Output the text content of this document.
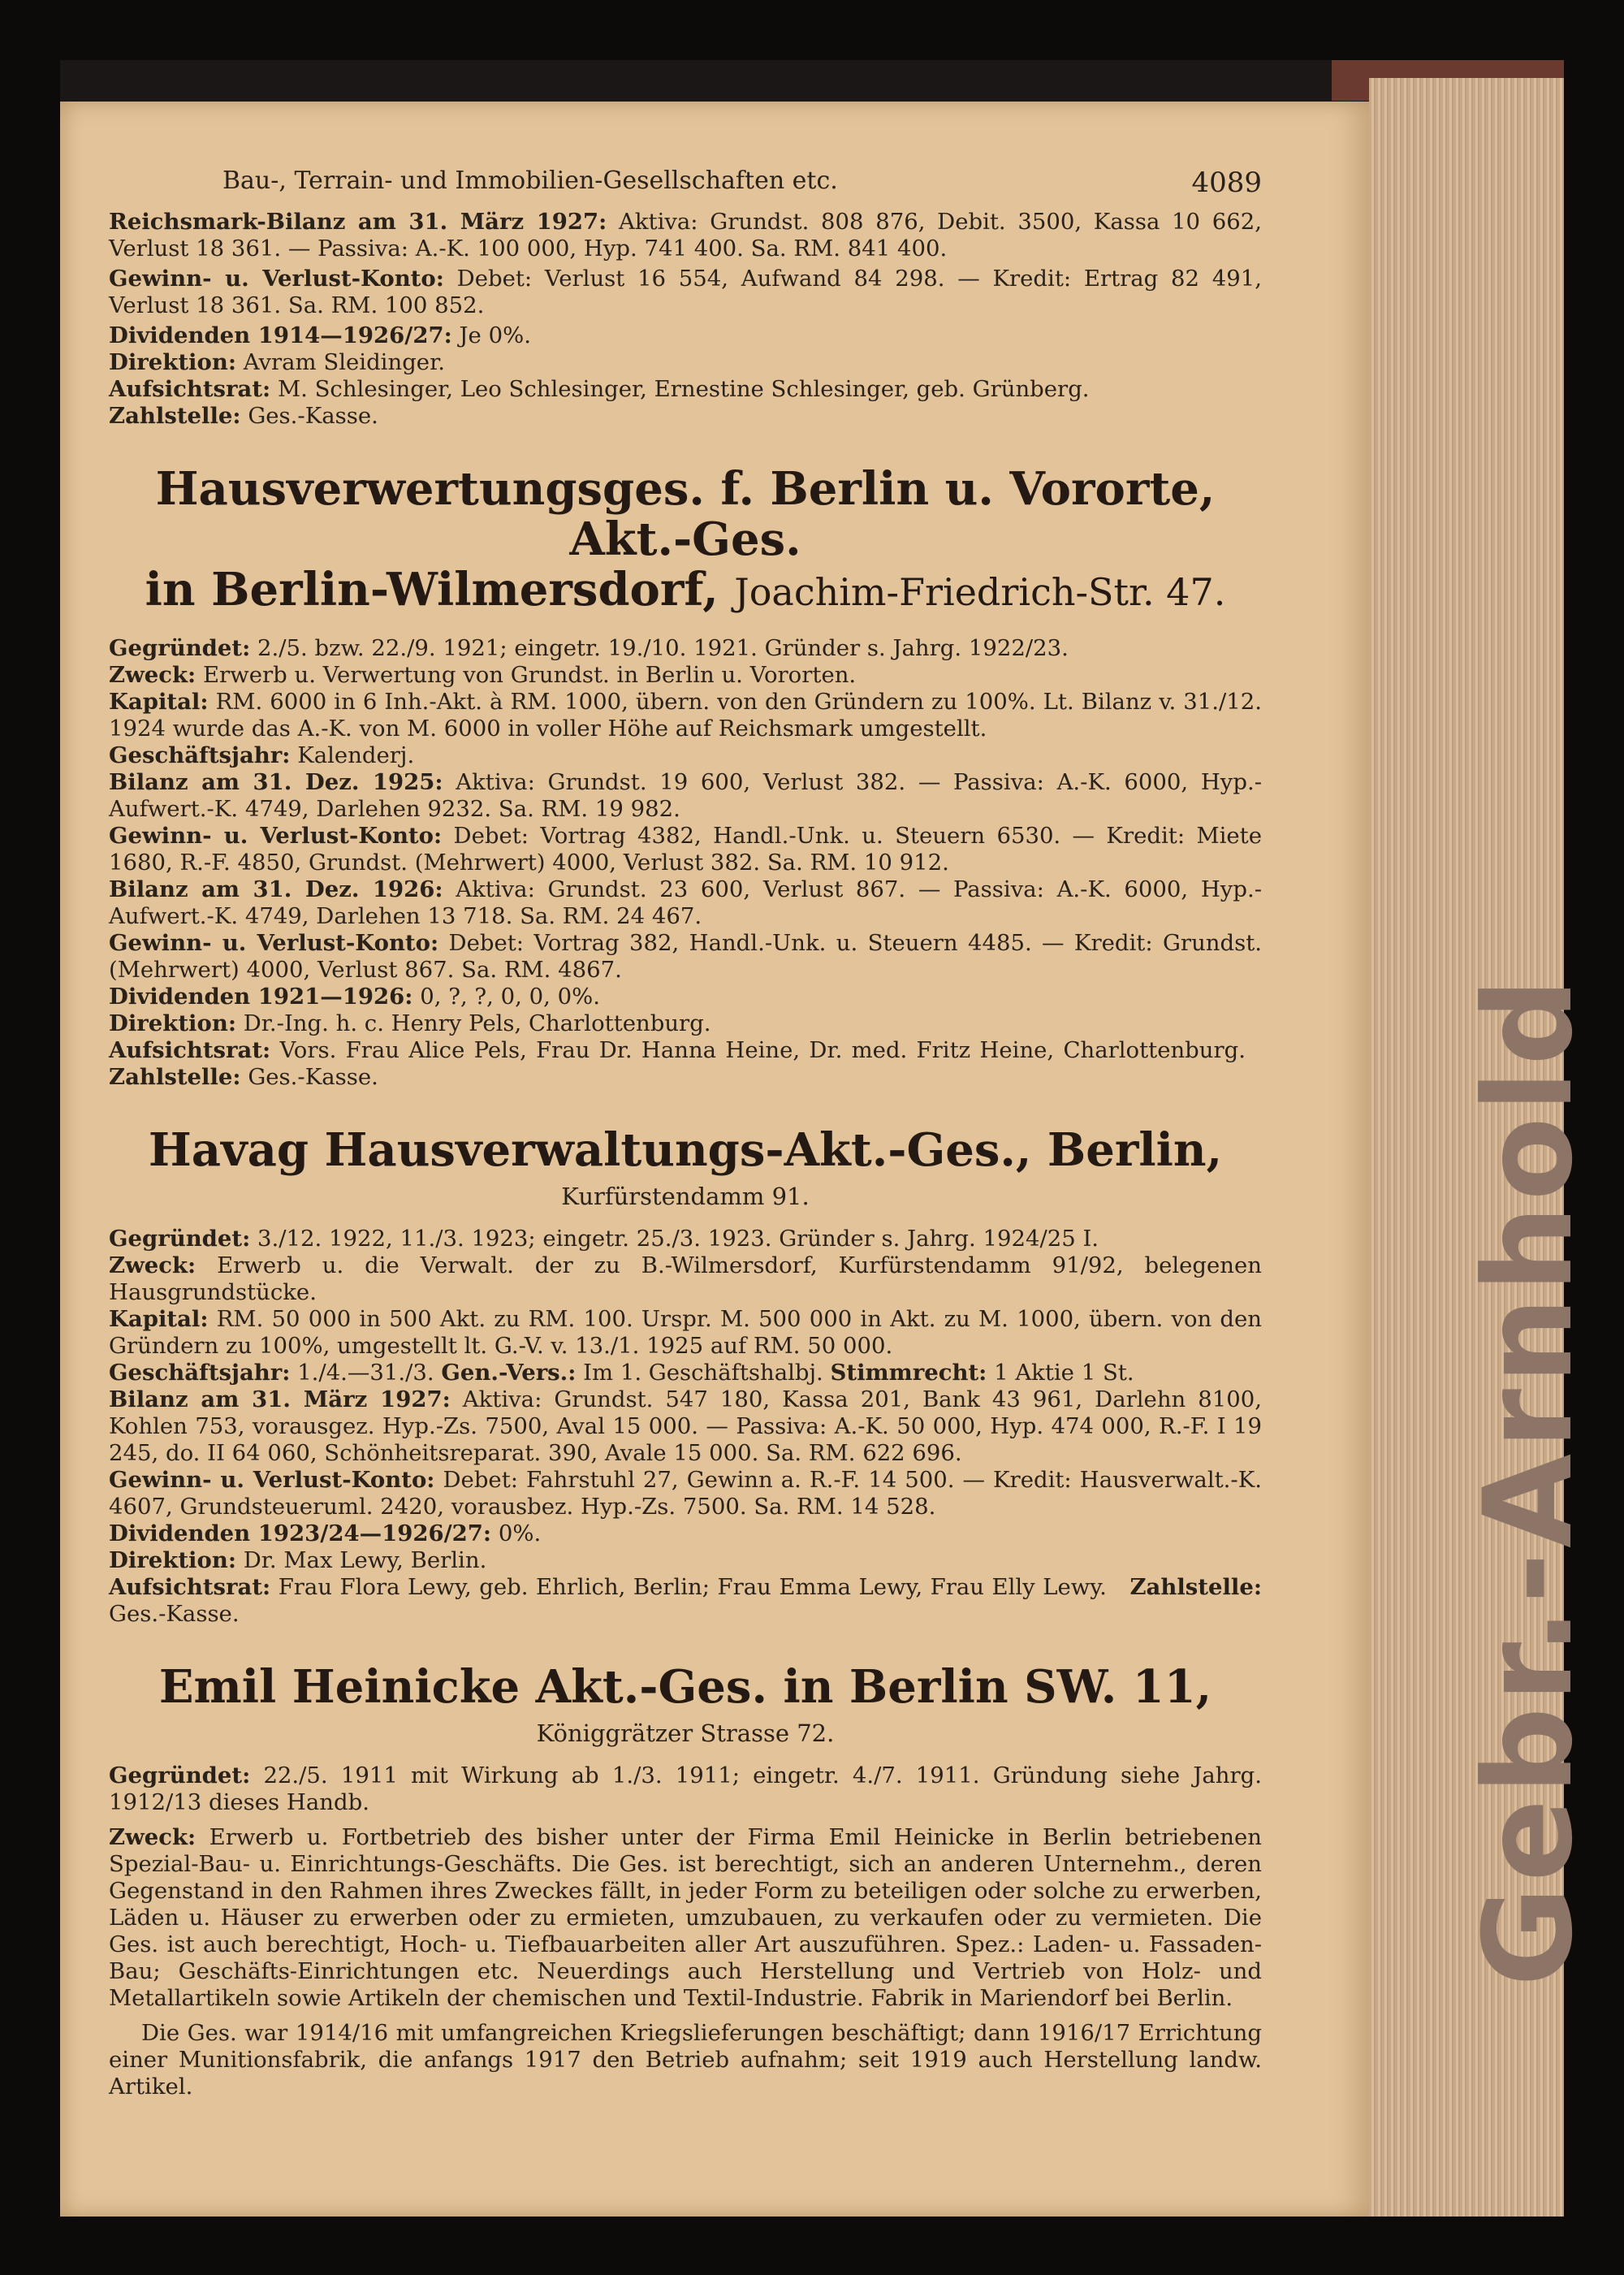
Gebr.-Arnhold
Bau-, Terrain- und Immobilien-Gesellschaften etc.	4089

Reichsmark-Bilanz am 31. März 1927: Aktiva: Grundst. 808 876, Debit. 3500, Kassa 10 662, Verlust 18 361. — Passiva: A.-K. 100 000, Hyp. 741 400. Sa. RM. 841 400.

Gewinn- u. Verlust-Konto: Debet: Verlust 16 554, Aufwand 84 298. — Kredit: Ertrag 82 491, Verlust 18 361. Sa. RM. 100 852.

Dividenden 1914—1926/27: Je 0%.

Direktion: Avram Sleidinger.

Aufsichtsrat: M. Schlesinger, Leo Schlesinger, Ernestine Schlesinger, geb. Grünberg.

Zahlstelle: Ges.-Kasse.

Hausverwertungsges. f. Berlin u. Vororte, Akt.-Ges.
in Berlin-Wilmersdorf, Joachim-Friedrich-Str. 47.

Gegründet: 2./5. bzw. 22./9. 1921; eingetr. 19./10. 1921. Gründer s. Jahrg. 1922/23.

Zweck: Erwerb u. Verwertung von Grundst. in Berlin u. Vororten.

Kapital: RM. 6000 in 6 Inh.-Akt. à RM. 1000, übern. von den Gründern zu 100%. Lt. Bilanz v. 31./12. 1924 wurde das A.-K. von M. 6000 in voller Höhe auf Reichsmark umgestellt.

Geschäftsjahr: Kalenderj.

Bilanz am 31. Dez. 1925: Aktiva: Grundst. 19 600, Verlust 382. — Passiva: A.-K. 6000, Hyp.-Aufwert.-K. 4749, Darlehen 9232. Sa. RM. 19 982.

Gewinn- u. Verlust-Konto: Debet: Vortrag 4382, Handl.-Unk. u. Steuern 6530. — Kredit: Miete 1680, R.-F. 4850, Grundst. (Mehrwert) 4000, Verlust 382. Sa. RM. 10 912.

Bilanz am 31. Dez. 1926: Aktiva: Grundst. 23 600, Verlust 867. — Passiva: A.-K. 6000, Hyp.-Aufwert.-K. 4749, Darlehen 13 718. Sa. RM. 24 467.

Gewinn- u. Verlust-Konto: Debet: Vortrag 382, Handl.-Unk. u. Steuern 4485. — Kredit: Grundst. (Mehrwert) 4000, Verlust 867. Sa. RM. 4867.

Dividenden 1921—1926: 0, ?, ?, 0, 0, 0%.

Direktion: Dr.-Ing. h. c. Henry Pels, Charlottenburg.

Aufsichtsrat: Vors. Frau Alice Pels, Frau Dr. Hanna Heine, Dr. med. Fritz Heine, Charlottenburg.   Zahlstelle: Ges.-Kasse.

Havag Hausverwaltungs-Akt.-Ges., Berlin,
Kurfürstendamm 91.

Gegründet: 3./12. 1922, 11./3. 1923; eingetr. 25./3. 1923. Gründer s. Jahrg. 1924/25 I.

Zweck: Erwerb u. die Verwalt. der zu B.-Wilmersdorf, Kurfürstendamm 91/92, belegenen Hausgrundstücke.

Kapital: RM. 50 000 in 500 Akt. zu RM. 100. Urspr. M. 500 000 in Akt. zu M. 1000, übern. von den Gründern zu 100%, umgestellt lt. G.-V. v. 13./1. 1925 auf RM. 50 000.

Geschäftsjahr: 1./4.—31./3. Gen.-Vers.: Im 1. Geschäftshalbj. Stimmrecht: 1 Aktie 1 St.

Bilanz am 31. März 1927: Aktiva: Grundst. 547 180, Kassa 201, Bank 43 961, Darlehn 8100, Kohlen 753, vorausgez. Hyp.-Zs. 7500, Aval 15 000. — Passiva: A.-K. 50 000, Hyp. 474 000, R.-F. I 19 245, do. II 64 060, Schönheitsreparat. 390, Avale 15 000. Sa. RM. 622 696.

Gewinn- u. Verlust-Konto: Debet: Fahrstuhl 27, Gewinn a. R.-F. 14 500. — Kredit: Hausverwalt.-K. 4607, Grundsteueruml. 2420, vorausbez. Hyp.-Zs. 7500. Sa. RM. 14 528.

Dividenden 1923/24—1926/27: 0%.

Direktion: Dr. Max Lewy, Berlin.

Aufsichtsrat: Frau Flora Lewy, geb. Ehrlich, Berlin; Frau Emma Lewy, Frau Elly Lewy. Zahlstelle: Ges.-Kasse.

Emil Heinicke Akt.-Ges. in Berlin SW. 11,
Königgrätzer Strasse 72.

Gegründet: 22./5. 1911 mit Wirkung ab 1./3. 1911; eingetr. 4./7. 1911. Gründung siehe Jahrg. 1912/13 dieses Handb.

Zweck: Erwerb u. Fortbetrieb des bisher unter der Firma Emil Heinicke in Berlin betriebenen Spezial-Bau- u. Einrichtungs-Geschäfts. Die Ges. ist berechtigt, sich an anderen Unternehm., deren Gegenstand in den Rahmen ihres Zweckes fällt, in jeder Form zu beteiligen oder solche zu erwerben, Läden u. Häuser zu erwerben oder zu ermieten, umzubauen, zu verkaufen oder zu vermieten. Die Ges. ist auch berechtigt, Hoch- u. Tiefbauarbeiten aller Art auszuführen. Spez.: Laden- u. Fassaden-Bau; Geschäfts-Einrichtungen etc. Neuerdings auch Herstellung und Vertrieb von Holz- und Metallartikeln sowie Artikeln der chemischen und Textil-Industrie. Fabrik in Mariendorf bei Berlin.

Die Ges. war 1914/16 mit umfangreichen Kriegslieferungen beschäftigt; dann 1916/17 Errichtung einer Munitionsfabrik, die anfangs 1917 den Betrieb aufnahm; seit 1919 auch Herstellung landw. Artikel.
